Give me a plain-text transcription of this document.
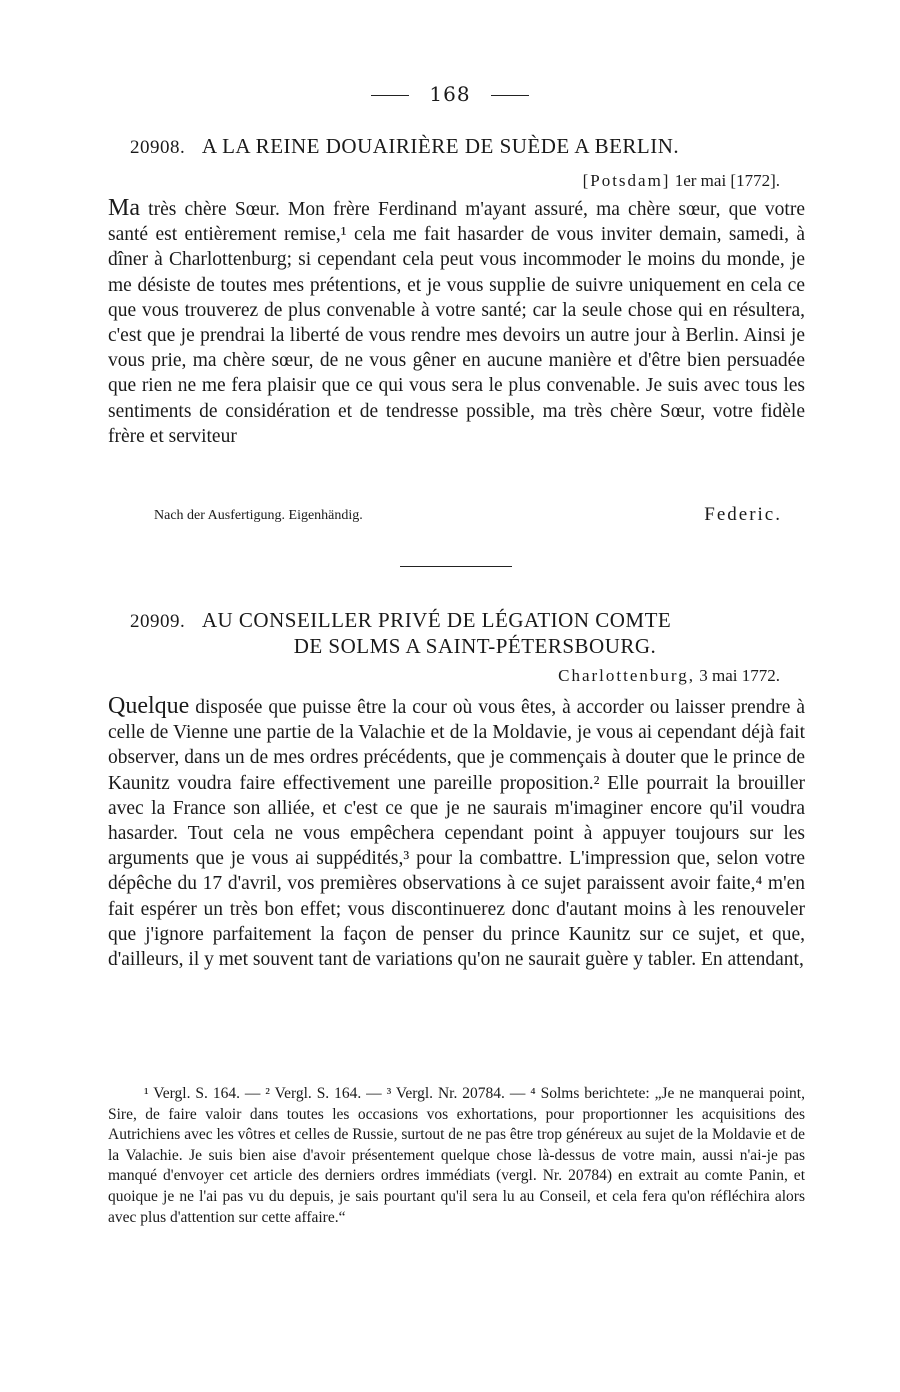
168
20908. A LA REINE DOUAIRIÈRE DE SUÈDE A BERLIN.
[Potsdam] 1er mai [1772].

Ma très chère Sœur. Mon frère Ferdinand m'ayant assuré, ma chère sœur, que votre santé est entièrement remise,¹ cela me fait hasarder de vous inviter demain, samedi, à dîner à Charlottenburg; si cependant cela peut vous incommoder le moins du monde, je me désiste de toutes mes prétentions, et je vous supplie de suivre uniquement en cela ce que vous trouverez de plus convenable à votre santé; car la seule chose qui en résultera, c'est que je prendrai la liberté de vous rendre mes devoirs un autre jour à Berlin. Ainsi je vous prie, ma chère sœur, de ne vous gêner en aucune manière et d'être bien persuadée que rien ne me fera plaisir que ce qui vous sera le plus convenable. Je suis avec tous les sentiments de considération et de tendresse possible, ma très chère Sœur, votre fidèle frère et serviteur

Nach der Ausfertigung. Eigenhändig.	Federic.
20909. AU CONSEILLER PRIVÉ DE LÉGATION COMTE
DE SOLMS A SAINT-PÉTERSBOURG.
Charlottenburg, 3 mai 1772.

Quelque disposée que puisse être la cour où vous êtes, à accorder ou laisser prendre à celle de Vienne une partie de la Valachie et de la Moldavie, je vous ai cependant déjà fait observer, dans un de mes ordres précédents, que je commençais à douter que le prince de Kaunitz voudra faire effectivement une pareille proposition.² Elle pourrait la brouiller avec la France son alliée, et c'est ce que je ne saurais m'imaginer encore qu'il voudra hasarder. Tout cela ne vous empêchera cependant point à appuyer toujours sur les arguments que je vous ai suppédités,³ pour la combattre. L'impression que, selon votre dépêche du 17 d'avril, vos premières observations à ce sujet paraissent avoir faite,⁴ m'en fait espérer un très bon effet; vous discontinuerez donc d'autant moins à les renouveler que j'ignore parfaitement la façon de penser du prince Kaunitz sur ce sujet, et que, d'ailleurs, il y met souvent tant de variations qu'on ne saurait guère y tabler. En attendant,

¹ Vergl. S. 164. — ² Vergl. S. 164. — ³ Vergl. Nr. 20784. — ⁴ Solms berichtete: „Je ne manquerai point, Sire, de faire valoir dans toutes les occasions vos exhortations, pour proportionner les acquisitions des Autrichiens avec les vôtres et celles de Russie, surtout de ne pas être trop généreux au sujet de la Moldavie et de la Valachie. Je suis bien aise d'avoir présentement quelque chose là-dessus de votre main, aussi n'ai-je pas manqué d'envoyer cet article des derniers ordres immédiats (vergl. Nr. 20784) en extrait au comte Panin, et quoique je ne l'ai pas vu du depuis, je sais pourtant qu'il sera lu au Conseil, et cela fera qu'on réfléchira alors avec plus d'attention sur cette affaire.“
